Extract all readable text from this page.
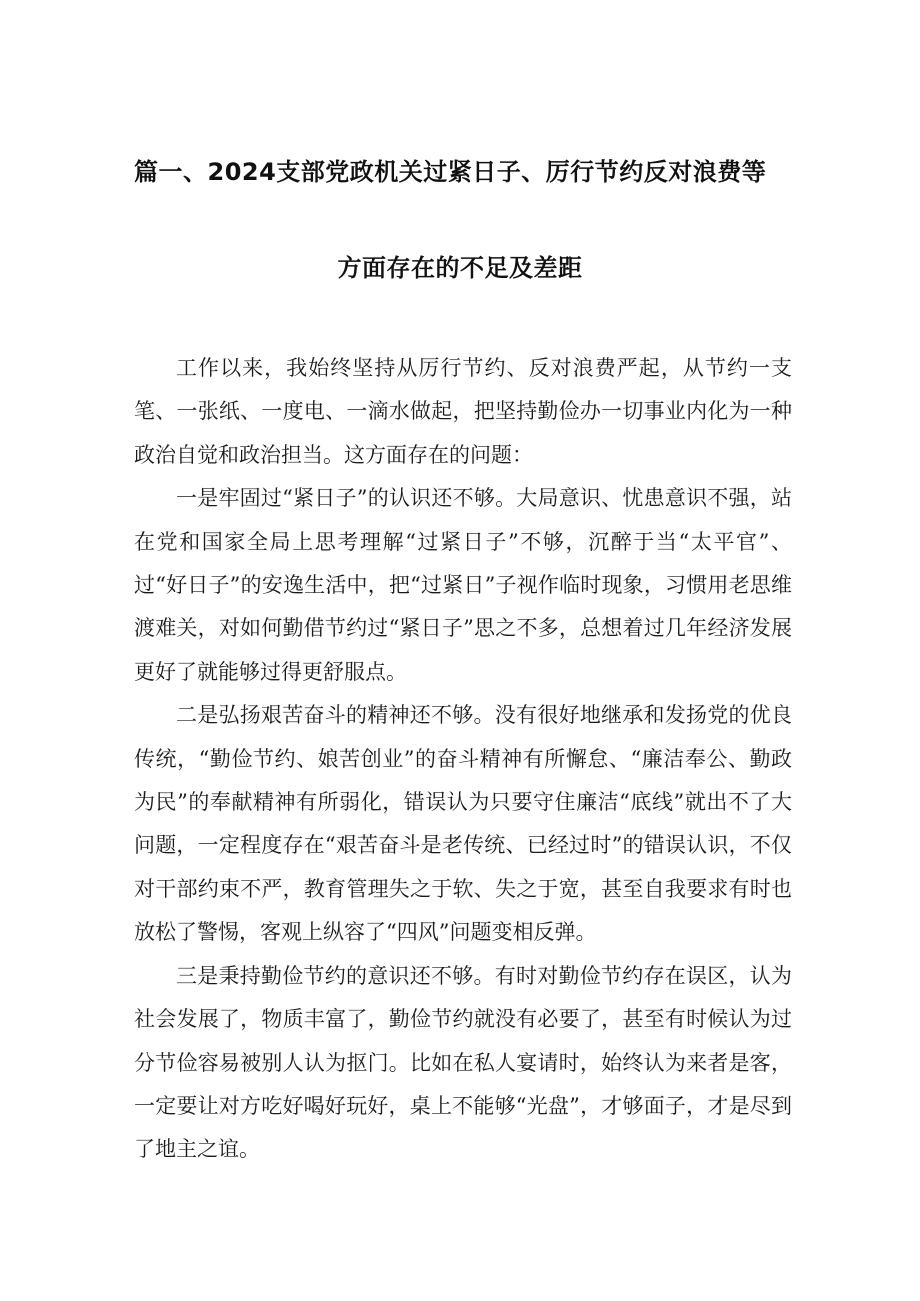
篇一、2024支部党政机关过紧日子、厉行节约反对浪费等
方面存在的不足及差距

工作以来，我始终坚持从厉行节约、反对浪费严起，从节约一支笔、一张纸、一度电、一滴水做起，把坚持勤俭办一切事业内化为一种政治自觉和政治担当。这方面存在的问题：

一是牢固过“紧日子”的认识还不够。大局意识、忧患意识不强，站在党和国家全局上思考理解“过紧日子”不够，沉醉于当“太平官”、过“好日子”的安逸生活中，把“过紧日”子视作临时现象，习惯用老思维渡难关，对如何勤借节约过“紧日子”思之不多，总想着过几年经济发展更好了就能够过得更舒服点。

二是弘扬艰苦奋斗的精神还不够。没有很好地继承和发扬党的优良传统，“勤俭节约、娘苦创业”的奋斗精神有所懈怠、“廉洁奉公、勤政为民”的奉献精神有所弱化，错误认为只要守住廉洁“底线”就出不了大问题，一定程度存在“艰苦奋斗是老传统、已经过时”的错误认识，不仅对干部约束不严，教育管理失之于软、失之于宽，甚至自我要求有时也放松了警惕，客观上纵容了“四风”问题变相反弹。

三是秉持勤俭节约的意识还不够。有时对勤俭节约存在误区，认为社会发展了，物质丰富了，勤俭节约就没有必要了，甚至有时候认为过分节俭容易被别人认为抠门。比如在私人宴请时，始终认为来者是客，一定要让对方吃好喝好玩好，桌上不能够“光盘”，才够面子，才是尽到了地主之谊。
